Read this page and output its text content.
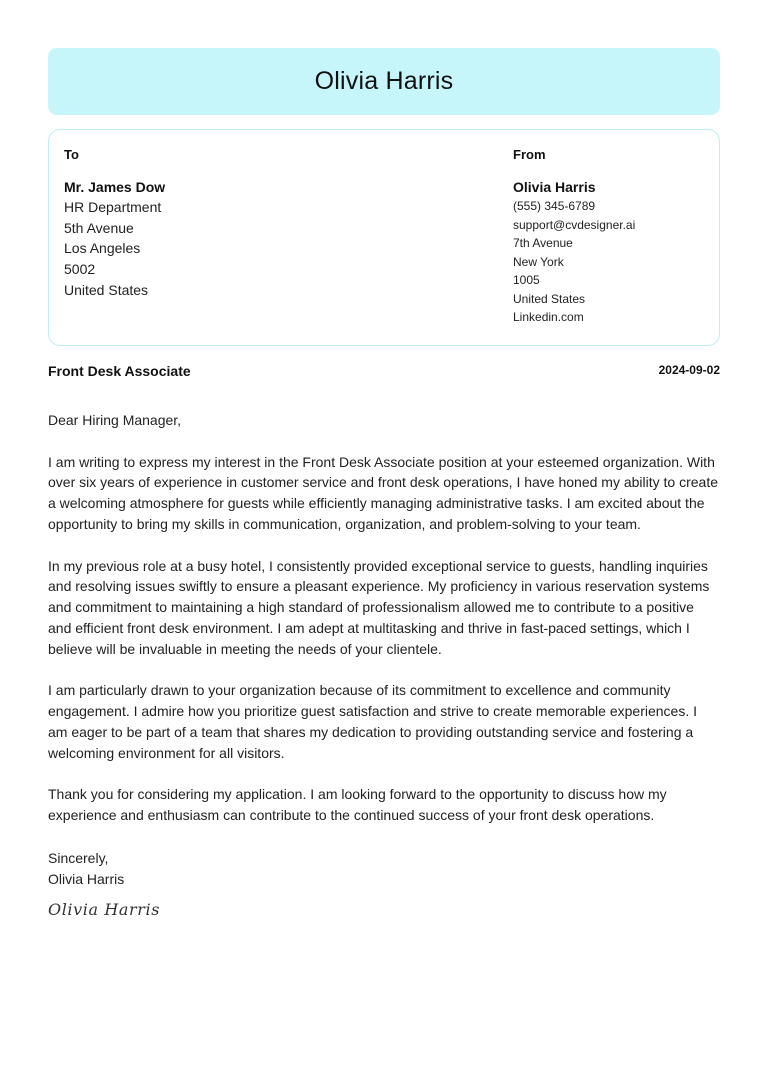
Olivia Harris
To
Mr. James Dow
HR Department
5th Avenue
Los Angeles
5002
United States
From
Olivia Harris
(555) 345-6789
support@cvdesigner.ai
7th Avenue
New York
1005
United States
Linkedin.com
Front Desk Associate	2024-09-02

Dear Hiring Manager,

I am writing to express my interest in the Front Desk Associate position at your esteemed organization. With over six years of experience in customer service and front desk operations, I have honed my ability to create a welcoming atmosphere for guests while efficiently managing administrative tasks. I am excited about the opportunity to bring my skills in communication, organization, and problem-solving to your team.

In my previous role at a busy hotel, I consistently provided exceptional service to guests, handling inquiries and resolving issues swiftly to ensure a pleasant experience. My proficiency in various reservation systems and commitment to maintaining a high standard of professionalism allowed me to contribute to a positive and efficient front desk environment. I am adept at multitasking and thrive in fast-paced settings, which I believe will be invaluable in meeting the needs of your clientele.

I am particularly drawn to your organization because of its commitment to excellence and community engagement. I admire how you prioritize guest satisfaction and strive to create memorable experiences. I am eager to be part of a team that shares my dedication to providing outstanding service and fostering a welcoming environment for all visitors.

Thank you for considering my application. I am looking forward to the opportunity to discuss how my experience and enthusiasm can contribute to the continued success of your front desk operations.

Sincerely,
Olivia Harris
Olivia Harris
